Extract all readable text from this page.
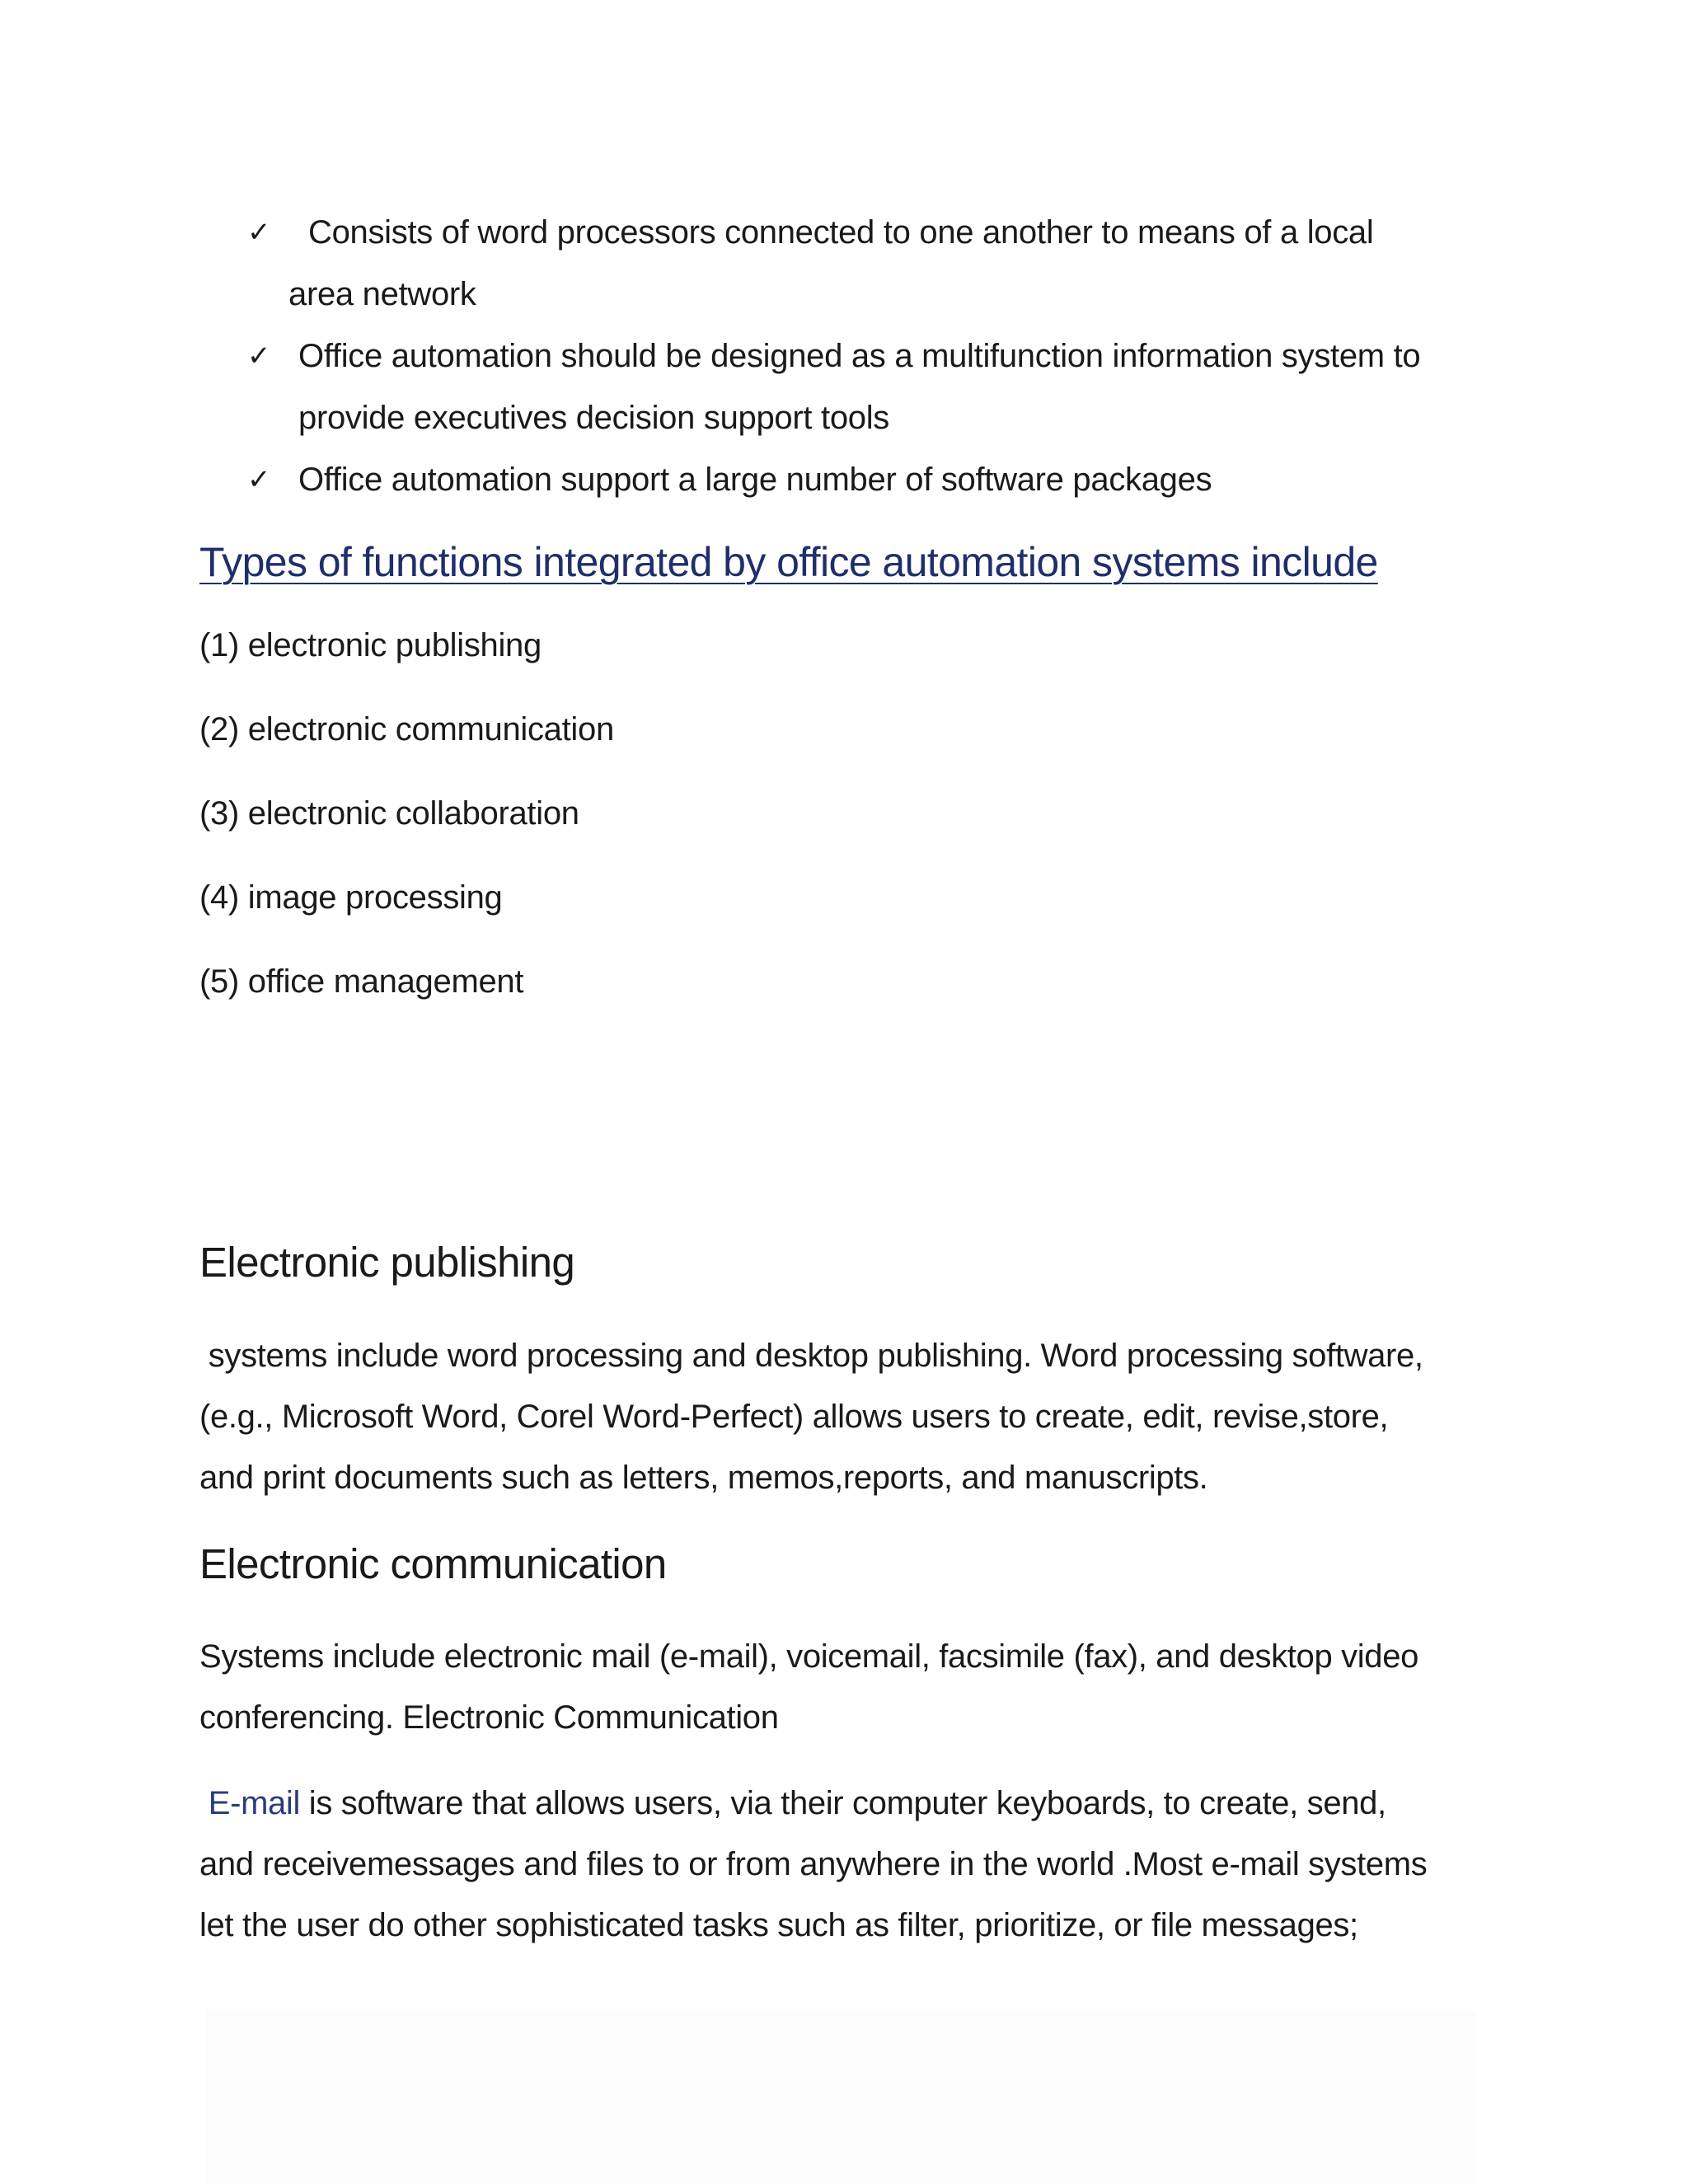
✓ Consists of word processors connected to one another to means of a local
area network
✓ Office automation should be designed as a multifunction information system to
provide executives decision support tools
✓ Office automation support a large number of software packages
Types of functions integrated by office automation systems include
(1) electronic publishing
(2) electronic communication
(3) electronic collaboration
(4) image processing
(5) office management
Electronic publishing

systems include word processing and desktop publishing. Word processing software,
(e.g., Microsoft Word, Corel Word-Perfect) allows users to create, edit, revise,store,
and print documents such as letters, memos,reports, and manuscripts.

Electronic communication

Systems include electronic mail (e-mail), voicemail, facsimile (fax), and desktop video
conferencing. Electronic Communication

E-mail is software that allows users, via their computer keyboards, to create, send,
and receivemessages and files to or from anywhere in the world .Most e-mail systems
let the user do other sophisticated tasks such as filter, prioritize, or file messages;
